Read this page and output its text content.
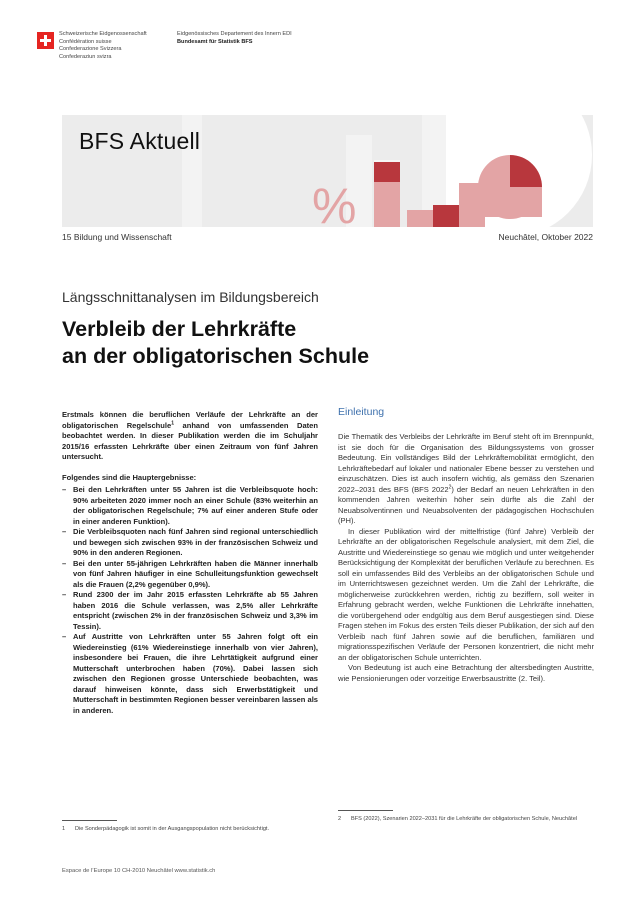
Schweizerische Eidgenossenschaft
Confédération suisse
Confederazione Svizzera
Confederaziun svizra
Eidgenössisches Departement des Innern EDI
Bundesamt für Statistik BFS
%
BFS Aktuell
15 Bildung und Wissenschaft	Neuchâtel, Oktober 2022
Längsschnittanalysen im Bildungsbereich
Verbleib der Lehrkräfte
an der obligatorischen Schule

Erstmals können die beruflichen Verläufe der Lehrkräfte an der obligatorischen Regelschule$^1$ anhand von umfassenden Daten beobachtet werden. In dieser Publikation werden die im Schuljahr 2015/16 erfassten Lehrkräfte über einen Zeitraum von fünf Jahren untersucht.

Folgendes sind die Hauptergebnisse:
– Bei den Lehrkräften unter 55 Jahren ist die Verbleibsquote hoch: 90% arbeiteten 2020 immer noch an einer Schule (83% weiterhin an der obligatorischen Regelschule; 7% auf einer anderen Stufe oder in einer anderen Funktion).
– Die Verbleibsquoten nach fünf Jahren sind regional unterschiedlich und bewegen sich zwischen 93% in der französischen Schweiz und 90% in den anderen Regionen.
– Bei den unter 55-jährigen Lehrkräften haben die Männer innerhalb von fünf Jahren häufiger in eine Schulleitungsfunktion gewechselt als die Frauen (2,2% gegenüber 0,9%).
– Rund 2300 der im Jahr 2015 erfassten Lehrkräfte ab 55 Jahren haben 2016 die Schule verlassen, was 2,5% aller Lehrkräfte entspricht (zwischen 2% in der französischen Schweiz und 3,3% im Tessin).
– Auf Austritte von Lehrkräften unter 55 Jahren folgt oft ein Wiedereinstieg (61% Wiedereinstiege innerhalb von vier Jahren), insbesondere bei Frauen, die ihre Lehrtätigkeit aufgrund einer Mutterschaft unterbrochen haben (70%). Dabei lassen sich zwischen den Regionen grosse Unterschiede beobachten, was darauf hinweisen könnte, dass sich Erwerbstätigkeit und Mutterschaft in bestimmten Regionen besser vereinbaren lassen als in anderen.
Einleitung

Die Thematik des Verbleibs der Lehrkräfte im Beruf steht oft im Brennpunkt, ist sie doch für die Organisation des Bildungssystems von grosser Bedeutung. Ein vollständiges Bild der Lehrkräftemobilität ermöglicht, den Lehrkräftebedarf auf lokaler und nationaler Ebene besser zu verstehen und einzuschätzen. Dies ist auch insofern wichtig, als gemäss den Szenarien 2022–2031 des BFS (BFS 2022$^2$) der Bedarf an neuen Lehrkräften in den kommenden Jahren weiterhin höher sein dürfte als die Zahl der Neuabsolventinnen und Neuabsolventen der pädagogischen Hochschulen (PH).

In dieser Publikation wird der mittelfristige (fünf Jahre) Verbleib der Lehrkräfte an der obligatorischen Regelschule analysiert, mit dem Ziel, die Austritte und Wiedereinstiege so genau wie möglich und unter weitgehender Berücksichtigung der Komplexität der beruflichen Verläufe zu berechnen. Es soll ein umfassendes Bild des Verbleibs an der obligatorischen Schule und im Unterrichtswesen gezeichnet werden. Um die Zahl der Lehrkräfte, die möglicherweise zurückkehren werden, richtig zu beziffern, soll weiter in Erfahrung gebracht werden, welche Funktionen die Lehrkräfte innehatten, die vorübergehend oder endgültig aus dem Beruf ausgestiegen sind. Diese Fragen stehen im Fokus des ersten Teils dieser Publikation, der sich auf den Verbleib nach fünf Jahren sowie auf die beruflichen, familiären und migrationsspezifischen Verläufe der Personen konzentriert, die nicht mehr an der obligatorischen Schule unterrichten.

Von Bedeutung ist auch eine Betrachtung der altersbedingten Austritte, wie Pensionierungen oder vorzeitige Erwerbsaustritte (2. Teil).

1 Die Sonderpädagogik ist somit in der Ausgangspopulation nicht berücksichtigt.
2 BFS (2022), Szenarien 2022–2031 für die Lehrkräfte der obligatorischen Schule, Neuchâtel
Espace de l’Europe 10 CH-2010 Neuchâtel www.statistik.ch
